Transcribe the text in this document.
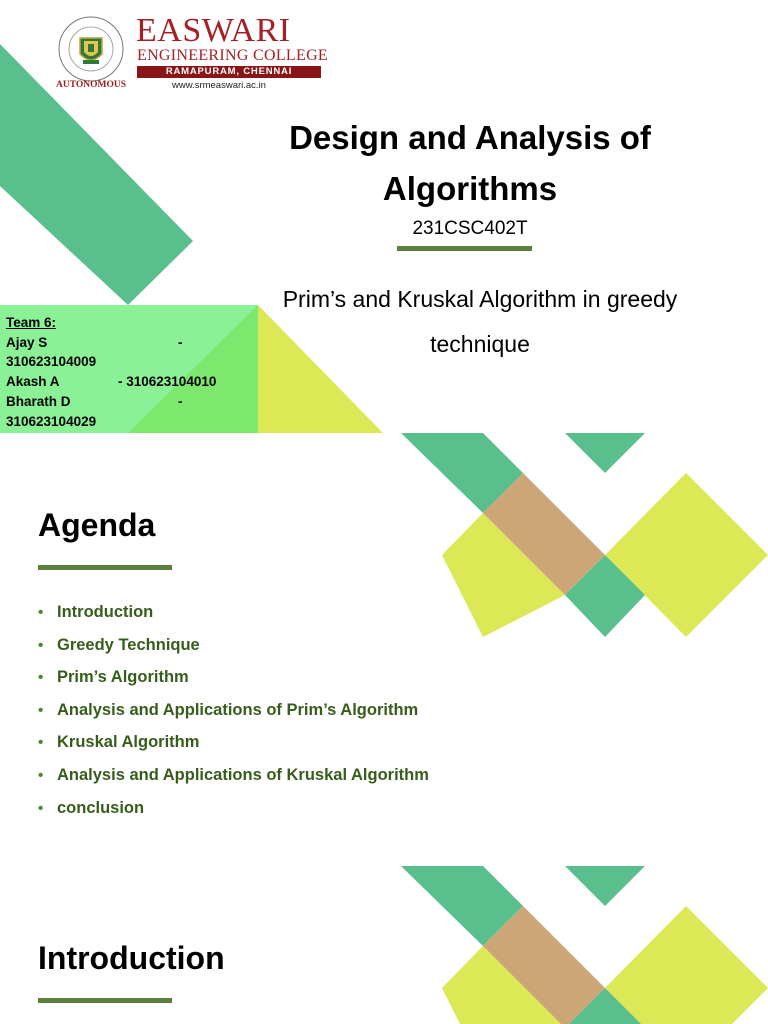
AUTONOMOUS
EASWARI
ENGINEERING COLLEGE
RAMAPURAM, CHENNAI
www.srmeaswari.ac.in
Design and Analysis of Algorithms
231CSC402T
Prim’s and Kruskal Algorithm in greedy technique
Team 6:
Ajay S	-
310623104009
Akash A	- 310623104010
Bharath D	-
310623104029
Agenda
• Introduction
• Greedy Technique
• Prim’s Algorithm
• Analysis and Applications of Prim’s Algorithm
• Kruskal Algorithm
• Analysis and Applications of Kruskal Algorithm
• conclusion
Introduction
